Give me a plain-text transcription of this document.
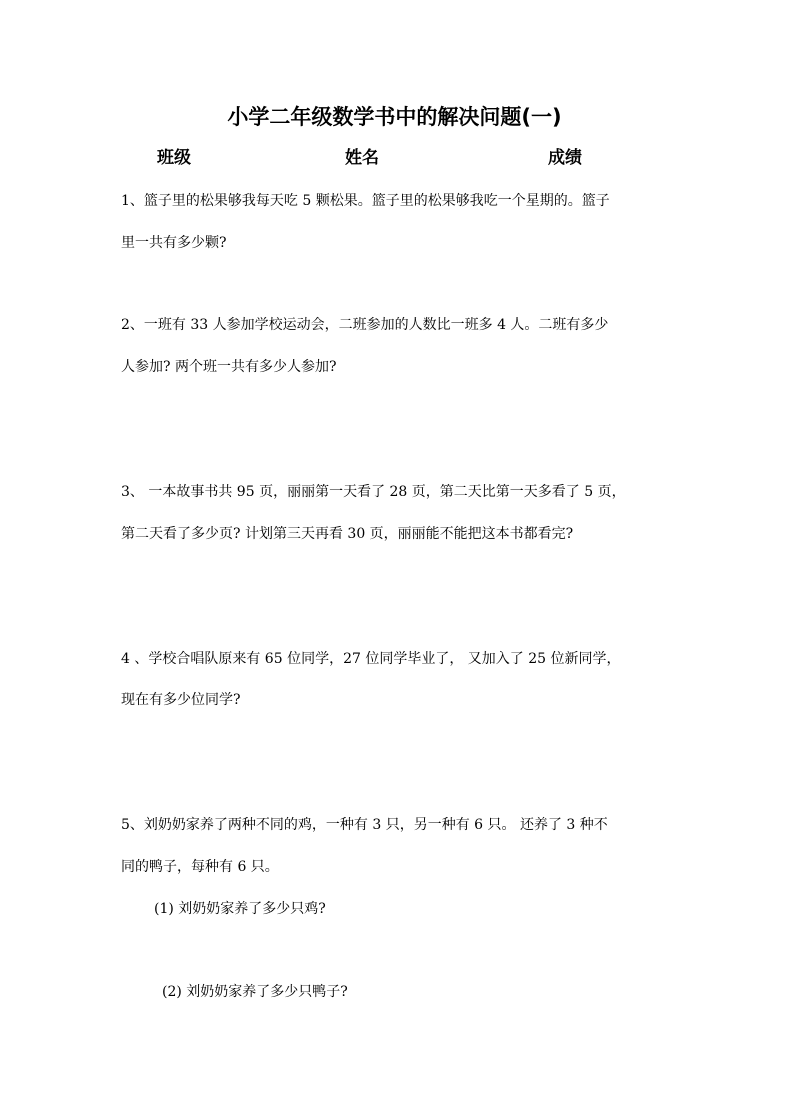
小学二年级数学书中的解决问题(一)
班级	姓名	成绩
1、篮子里的松果够我每天吃 5 颗松果。篮子里的松果够我吃一个星期的。篮子
里一共有多少颗?
2、一班有 33 人参加学校运动会，二班参加的人数比一班多 4 人。二班有多少
人参加? 两个班一共有多少人参加?
3、 一本故事书共 95 页，丽丽第一天看了 28 页，第二天比第一天多看了 5 页，
第二天看了多少页? 计划第三天再看 30 页，丽丽能不能把这本书都看完?
4 、学校合唱队原来有 65 位同学，27 位同学毕业了， 又加入了 25 位新同学，
现在有多少位同学?
5、刘奶奶家养了两种不同的鸡，一种有 3 只，另一种有 6 只。 还养了 3 种不
同的鸭子，每种有 6 只。
(1) 刘奶奶家养了多少只鸡?
(2) 刘奶奶家养了多少只鸭子?
